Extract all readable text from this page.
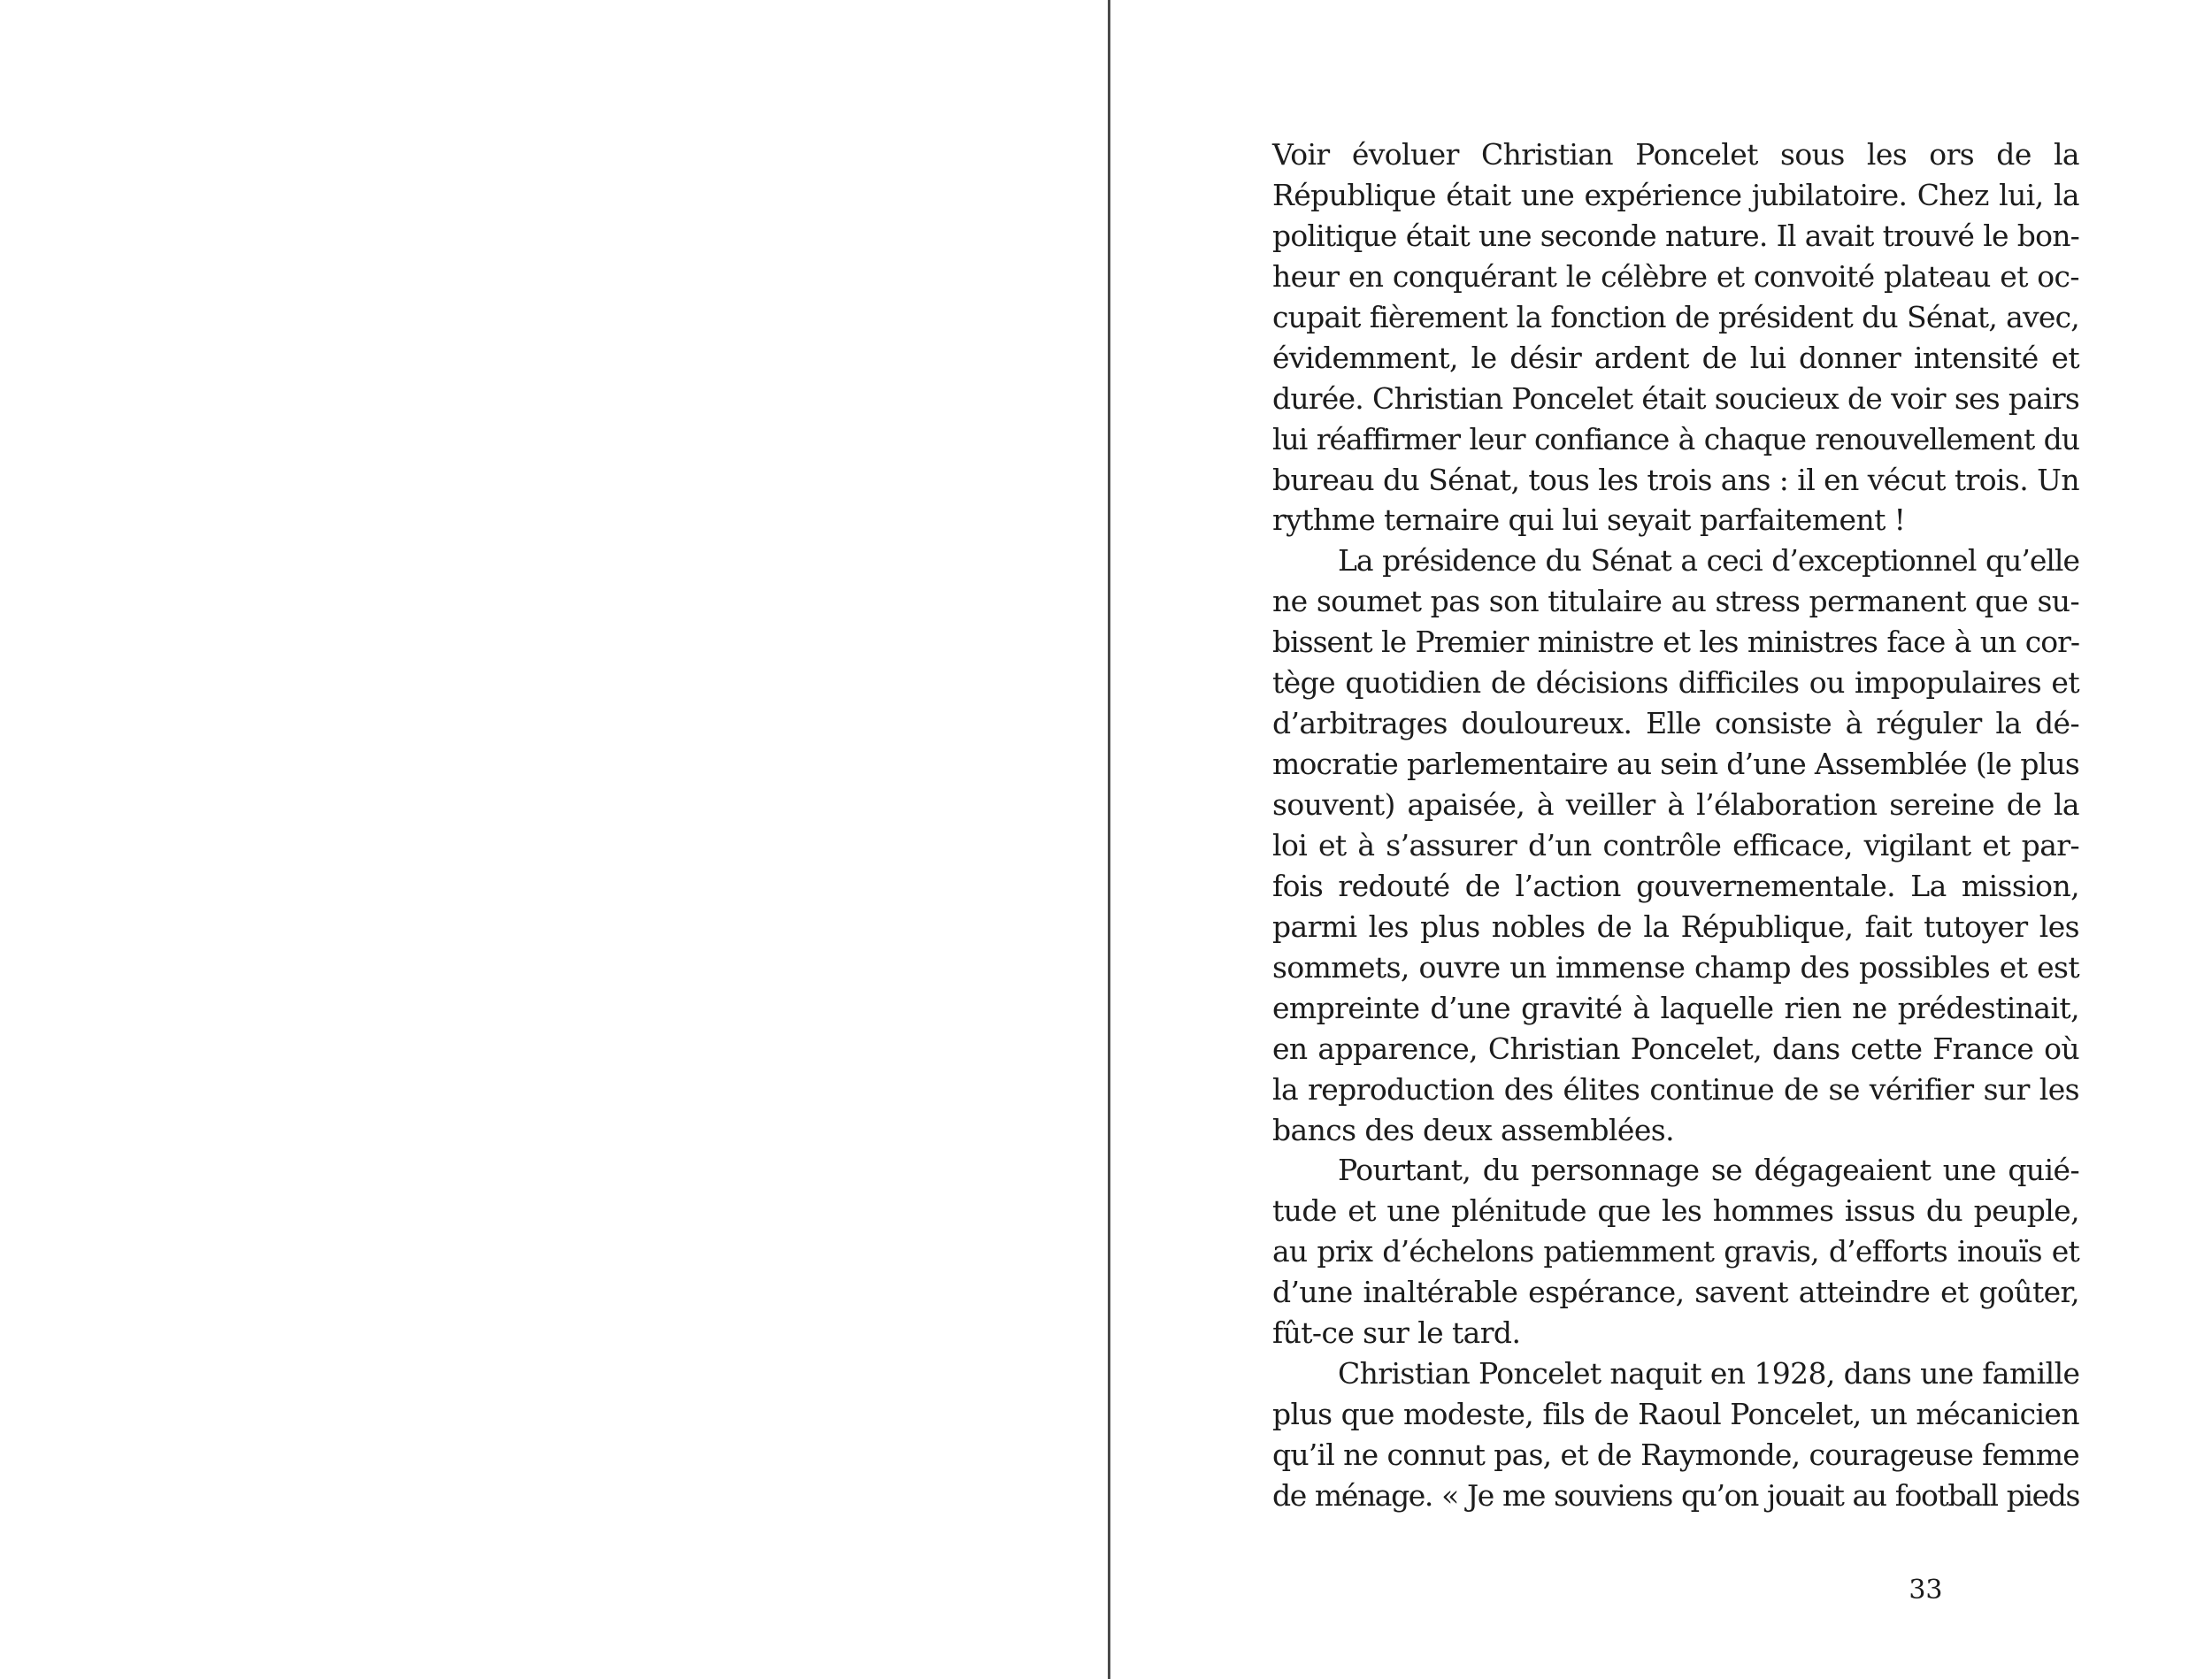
Voir évoluer Christian Poncelet sous les ors de la
République était une expérience jubilatoire. Chez lui, la
politique était une seconde nature. Il avait trouvé le bon-
heur en conquérant le célèbre et convoité plateau et oc-
cupait fièrement la fonction de président du Sénat, avec,
évidemment, le désir ardent de lui donner intensité et
durée. Christian Poncelet était soucieux de voir ses pairs
lui réaffirmer leur confiance à chaque renouvellement du
bureau du Sénat, tous les trois ans : il en vécut trois. Un
rythme ternaire qui lui seyait parfaitement !
La présidence du Sénat a ceci d’exceptionnel qu’elle
ne soumet pas son titulaire au stress permanent que su-
bissent le Premier ministre et les ministres face à un cor-
tège quotidien de décisions difficiles ou impopulaires et
d’arbitrages douloureux. Elle consiste à réguler la dé-
mocratie parlementaire au sein d’une Assemblée (le plus
souvent) apaisée, à veiller à l’élaboration sereine de la
loi et à s’assurer d’un contrôle efficace, vigilant et par-
fois redouté de l’action gouvernementale. La mission,
parmi les plus nobles de la République, fait tutoyer les
sommets, ouvre un immense champ des possibles et est
empreinte d’une gravité à laquelle rien ne prédestinait,
en apparence, Christian Poncelet, dans cette France où
la reproduction des élites continue de se vérifier sur les
bancs des deux assemblées.
Pourtant, du personnage se dégageaient une quié-
tude et une plénitude que les hommes issus du peuple,
au prix d’échelons patiemment gravis, d’efforts inouïs et
d’une inaltérable espérance, savent atteindre et goûter,
fût-ce sur le tard.
Christian Poncelet naquit en 1928, dans une famille
plus que modeste, fils de Raoul Poncelet, un mécanicien
qu’il ne connut pas, et de Raymonde, courageuse femme
de ménage. « Je me souviens qu’on jouait au football pieds
33
